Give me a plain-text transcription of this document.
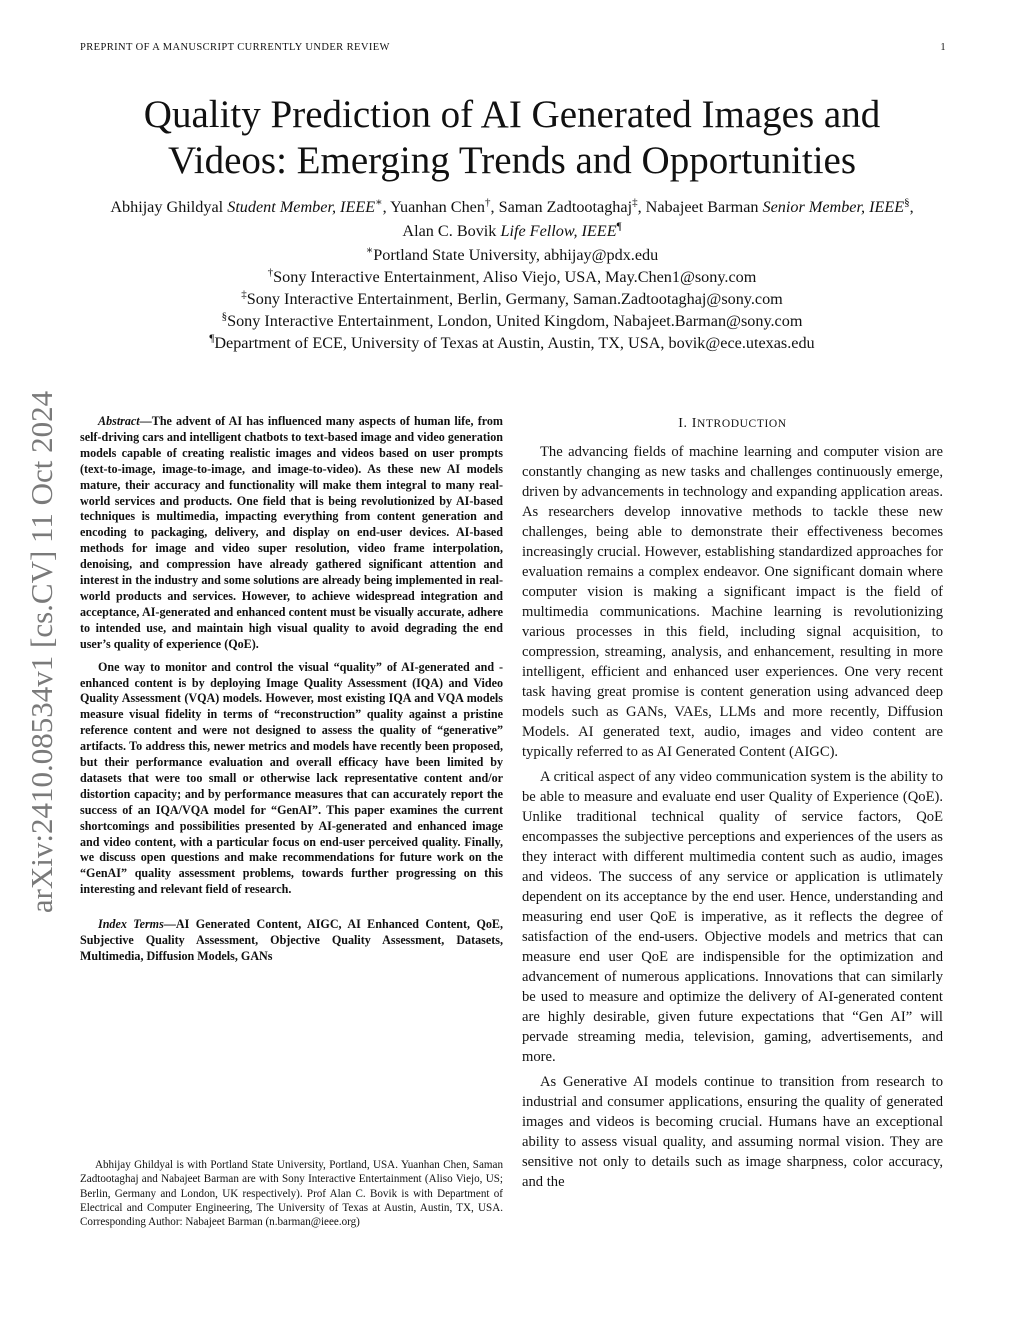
PREPRINT OF A MANUSCRIPT CURRENTLY UNDER REVIEW	1
arXiv:2410.08534v1 [cs.CV] 11 Oct 2024
Quality Prediction of AI Generated Images and Videos: Emerging Trends and Opportunities
Abhijay Ghildyal Student Member, IEEE∗, Yuanhan Chen†, Saman Zadtootaghaj‡, Nabajeet Barman Senior Member, IEEE§, Alan C. Bovik Life Fellow, IEEE¶
∗Portland State University, abhijay@pdx.edu
†Sony Interactive Entertainment, Aliso Viejo, USA, May.Chen1@sony.com
‡Sony Interactive Entertainment, Berlin, Germany, Saman.Zadtootaghaj@sony.com
§Sony Interactive Entertainment, London, United Kingdom, Nabajeet.Barman@sony.com
¶Department of ECE, University of Texas at Austin, Austin, TX, USA, bovik@ece.utexas.edu

Abstract—The advent of AI has influenced many aspects of human life, from self-driving cars and intelligent chatbots to text-based image and video generation models capable of creating realistic images and videos based on user prompts (text-to-image, image-to-image, and image-to-video). As these new AI models mature, their accuracy and functionality will make them integral to many real-world services and products. One field that is being revolutionized by AI-based techniques is multimedia, impacting everything from content generation and encoding to packaging, delivery, and display on end-user devices. AI-based methods for image and video super resolution, video frame interpolation, denoising, and compression have already gathered significant attention and interest in the industry and some solutions are already being implemented in real-world products and services. However, to achieve widespread integration and acceptance, AI-generated and enhanced content must be visually accurate, adhere to intended use, and maintain high visual quality to avoid degrading the end user’s quality of experience (QoE).

One way to monitor and control the visual “quality” of AI-generated and -enhanced content is by deploying Image Quality Assessment (IQA) and Video Quality Assessment (VQA) models. However, most existing IQA and VQA models measure visual fidelity in terms of “reconstruction” quality against a pristine reference content and were not designed to assess the quality of “generative” artifacts. To address this, newer metrics and models have recently been proposed, but their performance evaluation and overall efficacy have been limited by datasets that were too small or otherwise lack representative content and/or distortion capacity; and by performance measures that can accurately report the success of an IQA/VQA model for “GenAI”. This paper examines the current shortcomings and possibilities presented by AI-generated and enhanced image and video content, with a particular focus on end-user perceived quality. Finally, we discuss open questions and make recommendations for future work on the “GenAI” quality assessment problems, towards further progressing on this interesting and relevant field of research.

Index Terms—AI Generated Content, AIGC, AI Enhanced Content, QoE, Subjective Quality Assessment, Objective Quality Assessment, Datasets, Multimedia, Diffusion Models, GANs

Abhijay Ghildyal is with Portland State University, Portland, USA. Yuanhan Chen, Saman Zadtootaghaj and Nabajeet Barman are with Sony Interactive Entertainment (Aliso Viejo, US; Berlin, Germany and London, UK respectively). Prof Alan C. Bovik is with Department of Electrical and Computer Engineering, The University of Texas at Austin, Austin, TX, USA. Corresponding Author: Nabajeet Barman (n.barman@ieee.org)
I. INTRODUCTION

The advancing fields of machine learning and computer vision are constantly changing as new tasks and challenges continuously emerge, driven by advancements in technology and expanding application areas. As researchers develop innovative methods to tackle these new challenges, being able to demonstrate their effectiveness becomes increasingly crucial. However, establishing standardized approaches for evaluation remains a complex endeavor. One significant domain where computer vision is making a significant impact is the field of multimedia communications. Machine learning is revolutionizing various processes in this field, including signal acquisition, to compression, streaming, analysis, and enhancement, resulting in more intelligent, efficient and enhanced user experiences. One very recent task having great promise is content generation using advanced deep models such as GANs, VAEs, LLMs and more recently, Diffusion Models. AI generated text, audio, images and video content are typically referred to as AI Generated Content (AIGC).

A critical aspect of any video communication system is the ability to be able to measure and evaluate end user Quality of Experience (QoE). Unlike traditional technical quality of service factors, QoE encompasses the subjective perceptions and experiences of the users as they interact with different multimedia content such as audio, images and videos. The success of any service or application is utlimately dependent on its acceptance by the end user. Hence, understanding and measuring end user QoE is imperative, as it reflects the degree of satisfaction of the end-users. Objective models and metrics that can measure end user QoE are indispensible for the optimization and advancement of numerous applications. Innovations that can similarly be used to measure and optimize the delivery of AI-generated content are highly desirable, given future expectations that “Gen AI” will pervade streaming media, television, gaming, advertisements, and more.

As Generative AI models continue to transition from research to industrial and consumer applications, ensuring the quality of generated images and videos is becoming crucial. Humans have an exceptional ability to assess visual quality, and assuming normal vision. They are sensitive not only to details such as image sharpness, color accuracy, and the
